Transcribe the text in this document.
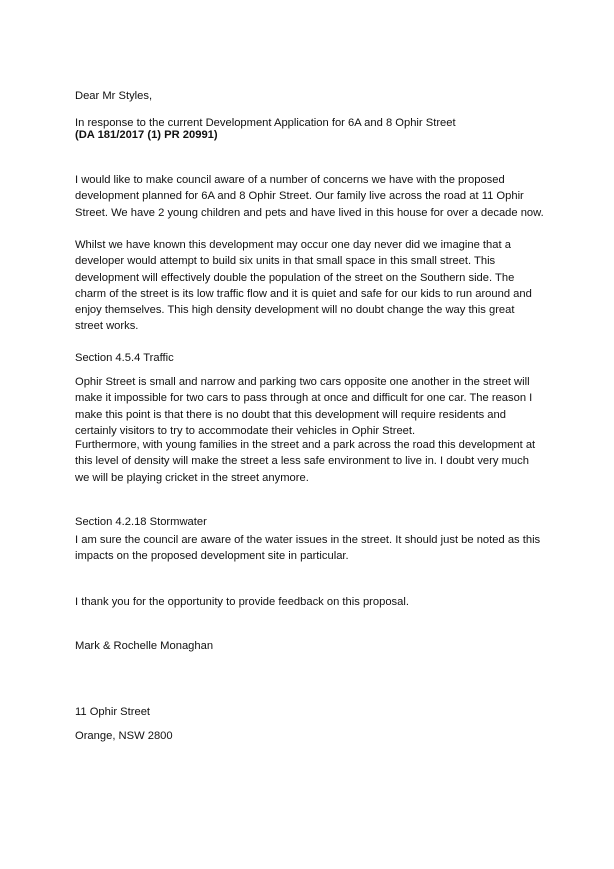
Dear Mr Styles,

In response to the current Development Application for 6A and 8 Ophir Street

(DA 181/2017 (1) PR 20991)

I would like to make council aware of a number of concerns we have with the proposed development planned for 6A and 8 Ophir Street. Our family live across the road at 11 Ophir Street. We have 2 young children and pets and have lived in this house for over a decade now.

Whilst we have known this development may occur one day never did we imagine that a developer would attempt to build six units in that small space in this small street. This development will effectively double the population of the street on the Southern side. The charm of the street is its low traffic flow and it is quiet and safe for our kids to run around and enjoy themselves. This high density development will no doubt change the way this great street works.

Section 4.5.4 Traffic

Ophir Street is small and narrow and parking two cars opposite one another in the street will make it impossible for two cars to pass through at once and difficult for one car. The reason I make this point is that there is no doubt that this development will require residents and certainly visitors to try to accommodate their vehicles in Ophir Street.

Furthermore, with young families in the street and a park across the road this development at this level of density will make the street a less safe environment to live in. I doubt very much we will be playing cricket in the street anymore.

Section 4.2.18 Stormwater

I am sure the council are aware of the water issues in the street. It should just be noted as this impacts on the proposed development site in particular.

I thank you for the opportunity to provide feedback on this proposal.

Mark & Rochelle Monaghan

11 Ophir Street

Orange, NSW 2800
